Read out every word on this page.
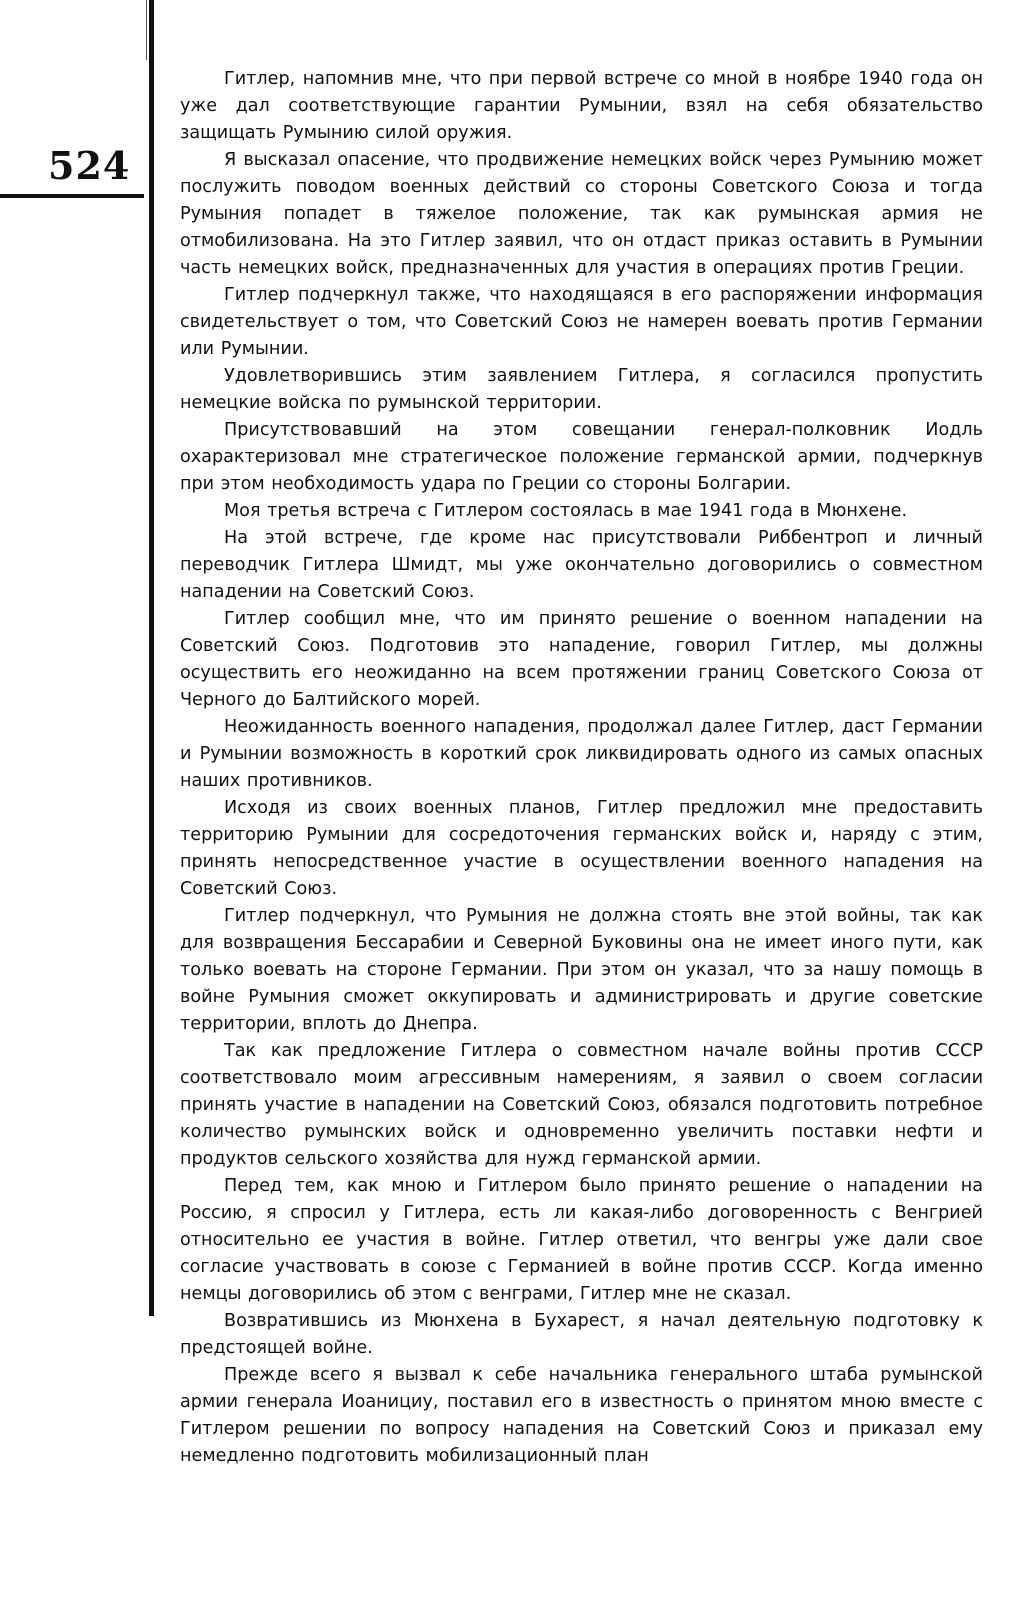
524

Гитлер, напомнив мне, что при первой встрече со мной в ноябре 1940 года он уже дал соответствующие гарантии Румынии, взял на себя обязательство защищать Румынию силой оружия.

Я высказал опасение, что продвижение немецких войск через Румынию может послужить поводом военных действий со стороны Советского Союза и тогда Румыния попадет в тяжелое положение, так как румынская армия не отмобилизована. На это Гитлер заявил, что он отдаст приказ оставить в Румынии часть немецких войск, предназначенных для участия в операциях против Греции.

Гитлер подчеркнул также, что находящаяся в его распоряжении информация свидетельствует о том, что Советский Союз не намерен воевать против Германии или Румынии.

Удовлетворившись этим заявлением Гитлера, я согласился пропустить немецкие войска по румынской территории.

Присутствовавший на этом совещании генерал-полковник Иодль охарактеризовал мне стратегическое положение германской армии, подчеркнув при этом необходимость удара по Греции со стороны Болгарии.

Моя третья встреча с Гитлером состоялась в мае 1941 года в Мюнхене.

На этой встрече, где кроме нас присутствовали Риббентроп и личный переводчик Гитлера Шмидт, мы уже окончательно договорились о совместном нападении на Советский Союз.

Гитлер сообщил мне, что им принято решение о военном нападении на Советский Союз. Подготовив это нападение, говорил Гитлер, мы должны осуществить его неожиданно на всем протяжении границ Советского Союза от Черного до Балтийского морей.

Неожиданность военного нападения, продолжал далее Гитлер, даст Германии и Румынии возможность в короткий срок ликвидировать одного из самых опасных наших противников.

Исходя из своих военных планов, Гитлер предложил мне предоставить территорию Румынии для сосредоточения германских войск и, наряду с этим, принять непосредственное участие в осуществлении военного нападения на Советский Союз.

Гитлер подчеркнул, что Румыния не должна стоять вне этой войны, так как для возвращения Бессарабии и Северной Буковины она не имеет иного пути, как только воевать на стороне Германии. При этом он указал, что за нашу помощь в войне Румыния сможет оккупировать и администрировать и другие советские территории, вплоть до Днепра.

Так как предложение Гитлера о совместном начале войны против СССР соответствовало моим агрессивным намерениям, я заявил о своем согласии принять участие в нападении на Советский Союз, обязался подготовить потребное количество румынских войск и одновременно увеличить поставки нефти и продуктов сельского хозяйства для нужд германской армии.

Перед тем, как мною и Гитлером было принято решение о нападении на Россию, я спросил у Гитлера, есть ли какая-либо договоренность с Венгрией относительно ее участия в войне. Гитлер ответил, что венгры уже дали свое согласие участвовать в союзе с Германией в войне против СССР. Когда именно немцы договорились об этом с венграми, Гитлер мне не сказал.

Возвратившись из Мюнхена в Бухарест, я начал деятельную подготовку к предстоящей войне.

Прежде всего я вызвал к себе начальника генерального штаба румынской армии генерала Иоанициу, поставил его в известность о принятом мною вместе с Гитлером решении по вопросу нападения на Советский Союз и приказал ему немедленно подготовить мобилизационный план
